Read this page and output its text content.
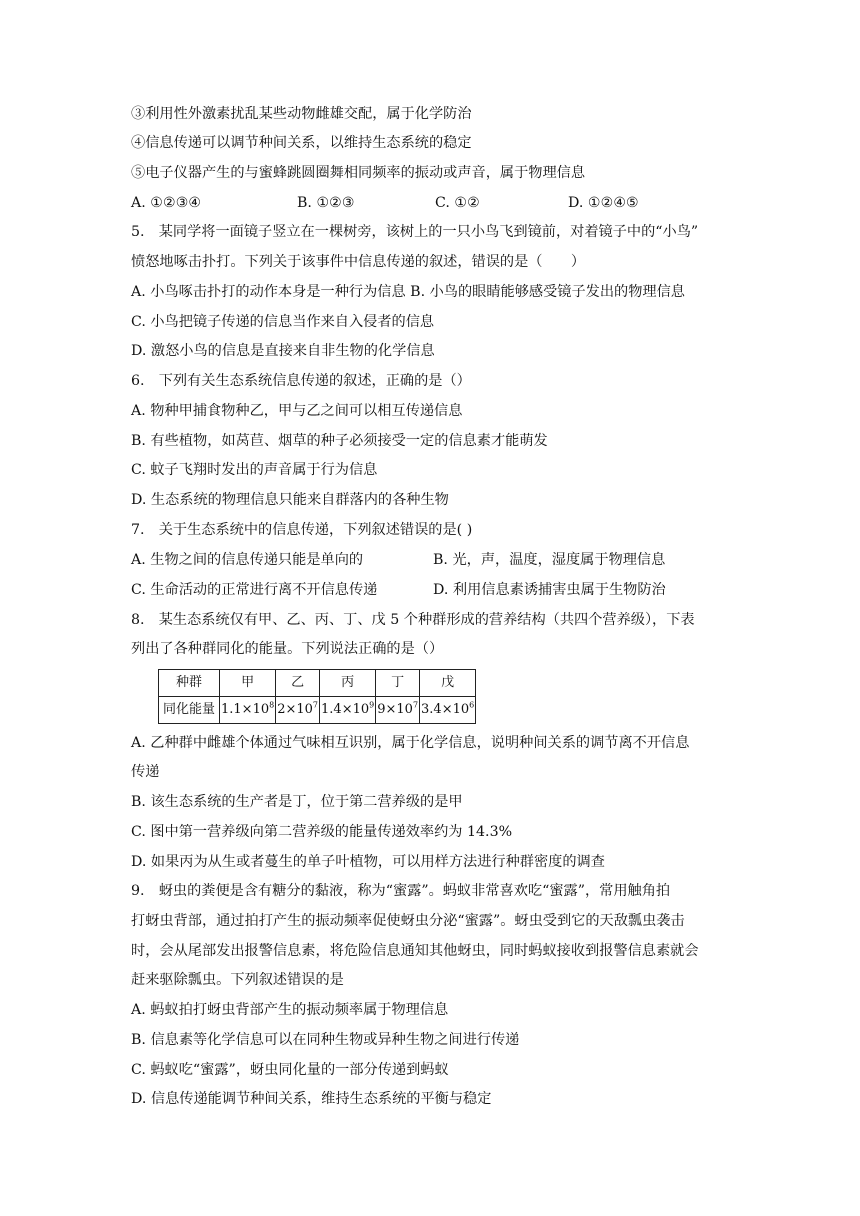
③利用性外激素扰乱某些动物雌雄交配，属于化学防治
④信息传递可以调节种间关系，以维持生态系统的稳定
⑤电子仪器产生的与蜜蜂跳圆圈舞相同频率的振动或声音，属于物理信息
A. ①②③④	B. ①②③	C. ①②	D. ①②④⑤
5.　某同学将一面镜子竖立在一棵树旁，该树上的一只小鸟飞到镜前，对着镜子中的“小鸟”
愤怒地啄击扑打。下列关于该事件中信息传递的叙述，错误的是（　　）
A. 小鸟啄击扑打的动作本身是一种行为信息 B. 小鸟的眼睛能够感受镜子发出的物理信息
C. 小鸟把镜子传递的信息当作来自入侵者的信息
D. 激怒小鸟的信息是直接来自非生物的化学信息
6.　下列有关生态系统信息传递的叙述，正确的是（）
A. 物种甲捕食物种乙，甲与乙之间可以相互传递信息
B. 有些植物，如莴苣、烟草的种子必须接受一定的信息素才能萌发
C. 蚊子飞翔时发出的声音属于行为信息
D. 生态系统的物理信息只能来自群落内的各种生物
7.　关于生态系统中的信息传递，下列叙述错误的是( )
A. 生物之间的信息传递只能是单向的	B. 光，声，温度，湿度属于物理信息
C. 生命活动的正常进行离不开信息传递	D. 利用信息素诱捕害虫属于生物防治
8.　某生态系统仅有甲、乙、丙、丁、戊 5 个种群形成的营养结构（共四个营养级），下表
列出了各种群同化的能量。下列说法正确的是（）
种群	甲	乙	丙	丁	戊
同化能量	$1.1\times 10^8$	$2\times 10^7$	$1.4\times 10^9$	$9\times 10^7$	$3.4\times 10^6$
A. 乙种群中雌雄个体通过气味相互识别，属于化学信息，说明种间关系的调节离不开信息
传递
B. 该生态系统的生产者是丁，位于第二营养级的是甲
C. 图中第一营养级向第二营养级的能量传递效率约为 14.3%
D. 如果丙为从生或者蔓生的单子叶植物，可以用样方法进行种群密度的调查
9.　蚜虫的粪便是含有糖分的黏液，称为“蜜露”。蚂蚁非常喜欢吃“蜜露”，常用触角拍
打蚜虫背部，通过拍打产生的振动频率促使蚜虫分泌“蜜露”。蚜虫受到它的天敌瓢虫袭击
时，会从尾部发出报警信息素，将危险信息通知其他蚜虫，同时蚂蚁接收到报警信息素就会
赶来驱除瓢虫。下列叙述错误的是
A. 蚂蚁拍打蚜虫背部产生的振动频率属于物理信息
B. 信息素等化学信息可以在同种生物或异种生物之间进行传递
C. 蚂蚁吃“蜜露”，蚜虫同化量的一部分传递到蚂蚁
D. 信息传递能调节种间关系，维持生态系统的平衡与稳定
